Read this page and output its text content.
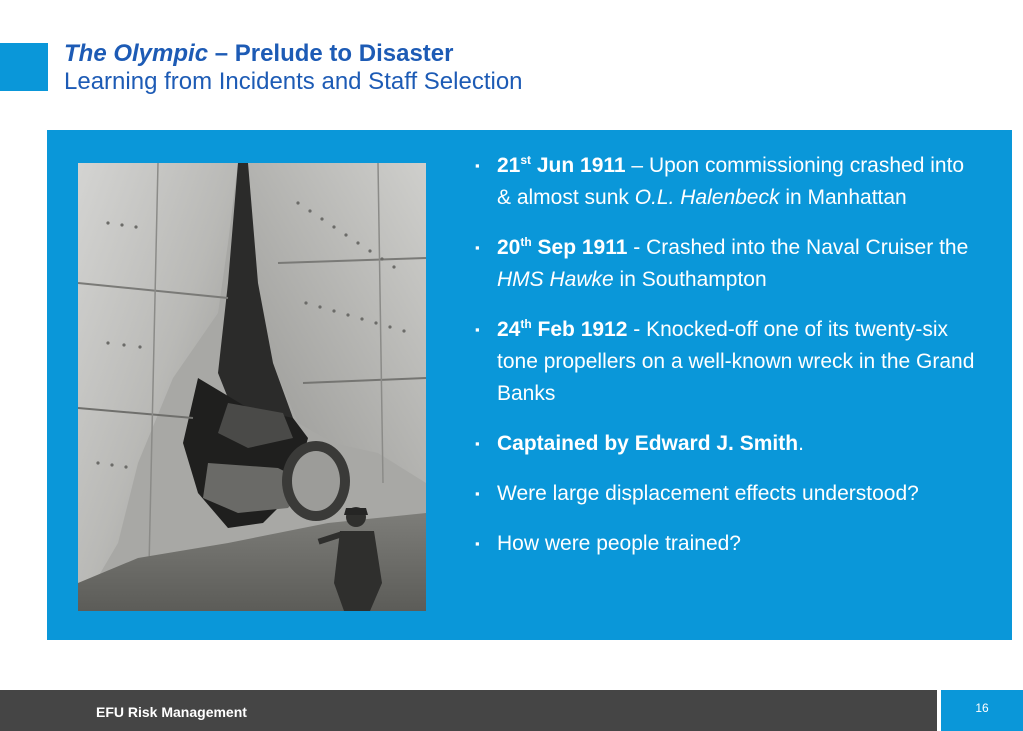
The Olympic – Prelude to Disaster

Learning from Incidents and Staff Selection

▪ 21st Jun 1911 – Upon commissioning crashed into & almost sunk O.L. Halenbeck in Manhattan
▪ 20th Sep 1911 - Crashed into the Naval Cruiser the HMS Hawke in Southampton
▪ 24th Feb 1912 - Knocked-off one of its twenty-six tone propellers on a well-known wreck in the Grand Banks
▪ Captained by Edward J. Smith.
▪ Were large displacement effects understood?
▪ How were people trained?
EFU Risk Management	16
